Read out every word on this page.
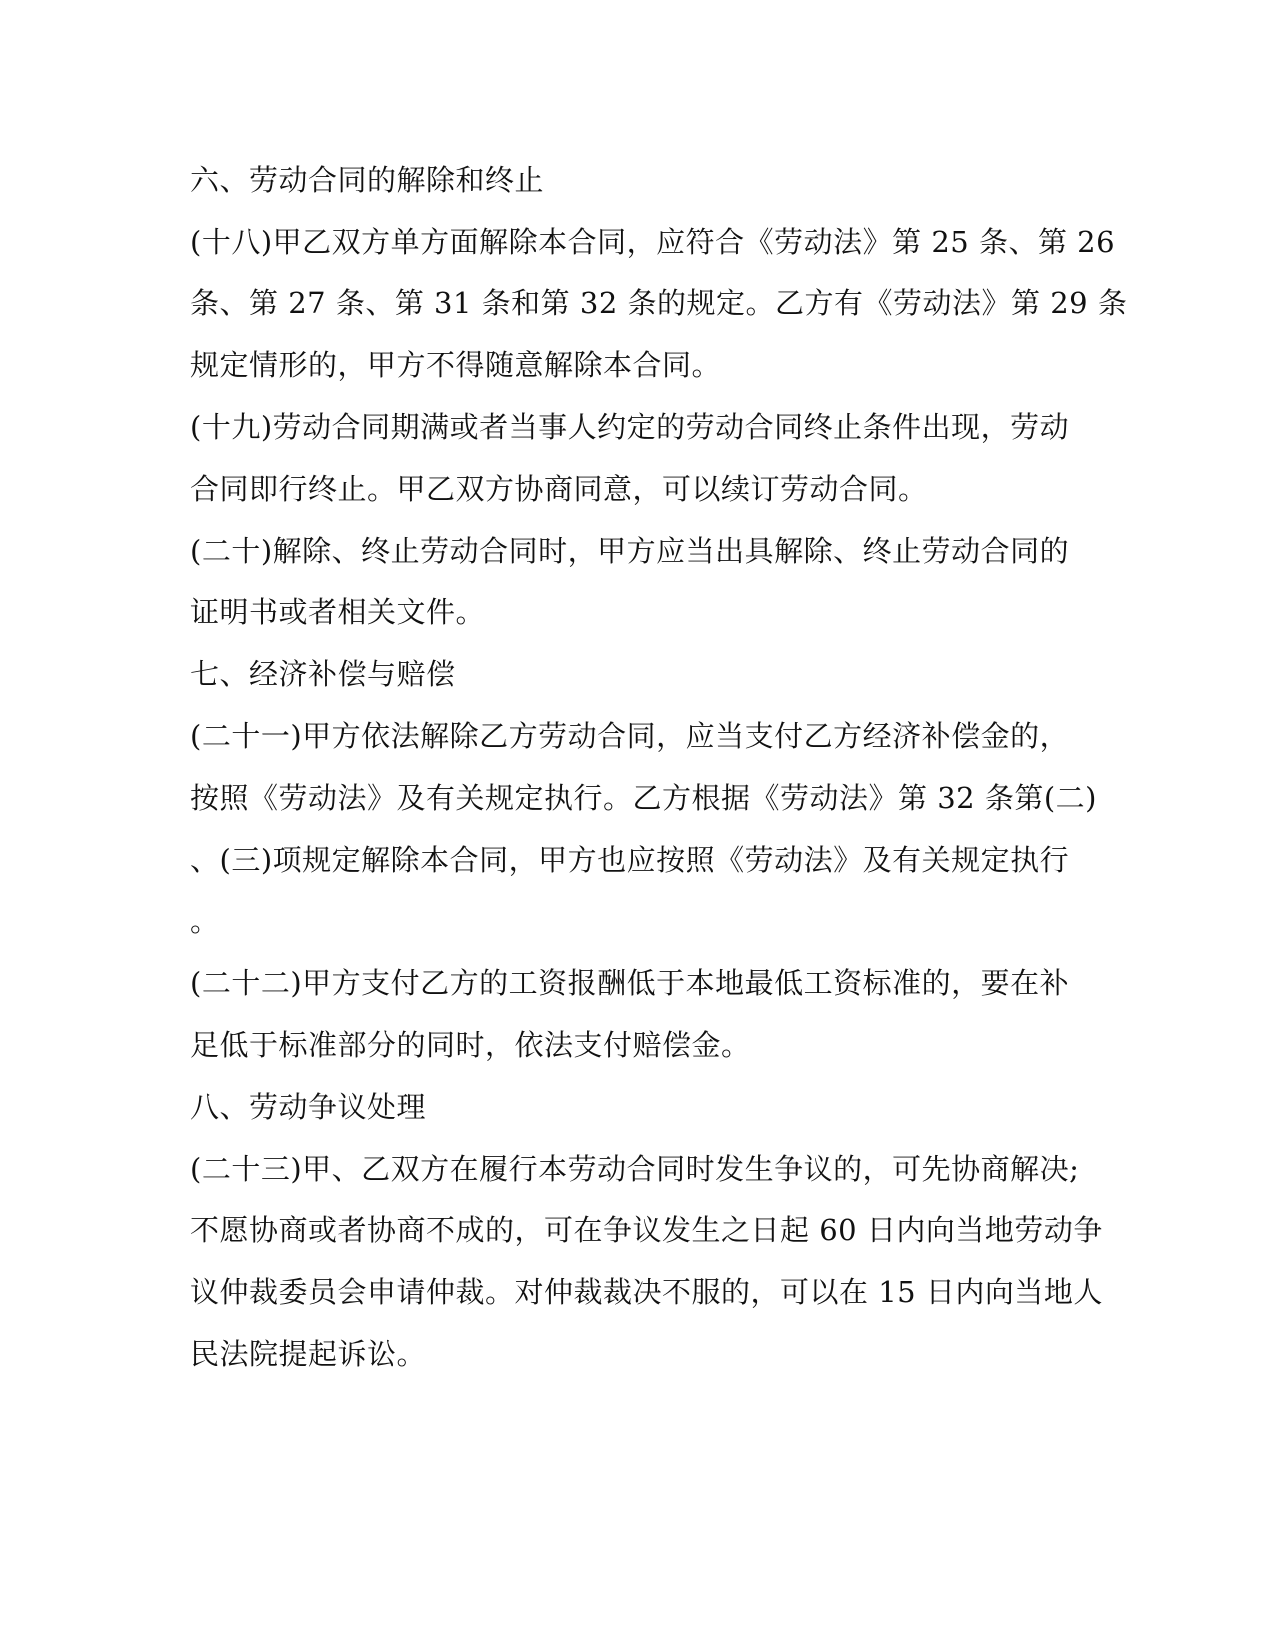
六、劳动合同的解除和终止
(十八)甲乙双方单方面解除本合同，应符合《劳动法》第 25 条、第 26
条、第 27 条、第 31 条和第 32 条的规定。乙方有《劳动法》第 29 条
规定情形的，甲方不得随意解除本合同。
(十九)劳动合同期满或者当事人约定的劳动合同终止条件出现，劳动
合同即行终止。甲乙双方协商同意，可以续订劳动合同。
(二十)解除、终止劳动合同时，甲方应当出具解除、终止劳动合同的
证明书或者相关文件。
七、经济补偿与赔偿
(二十一)甲方依法解除乙方劳动合同，应当支付乙方经济补偿金的，
按照《劳动法》及有关规定执行。乙方根据《劳动法》第 32 条第(二)
、(三)项规定解除本合同，甲方也应按照《劳动法》及有关规定执行
。
(二十二)甲方支付乙方的工资报酬低于本地最低工资标准的，要在补
足低于标准部分的同时，依法支付赔偿金。
八、劳动争议处理
(二十三)甲、乙双方在履行本劳动合同时发生争议的，可先协商解决;
不愿协商或者协商不成的，可在争议发生之日起 60 日内向当地劳动争
议仲裁委员会申请仲裁。对仲裁裁决不服的，可以在 15 日内向当地人
民法院提起诉讼。
